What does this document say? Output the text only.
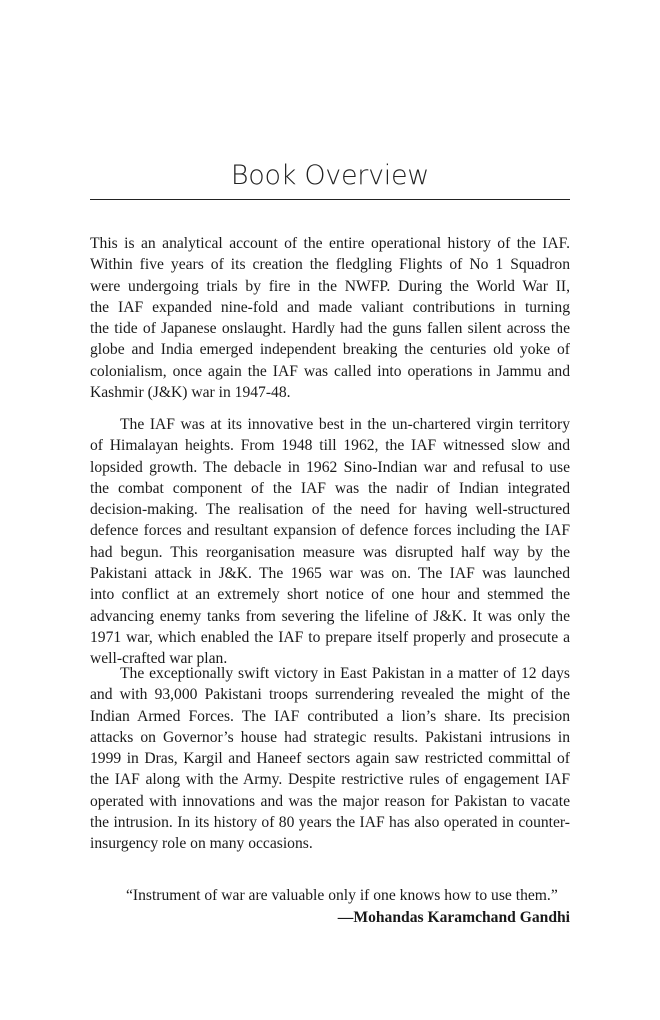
Book Overview
This is an analytical account of the entire operational history of the IAF.
Within five years of its creation the fledgling Flights of No 1 Squadron
were undergoing trials by fire in the NWFP. During the World War II,
the IAF expanded nine-fold and made valiant contributions in turning
the tide of Japanese onslaught. Hardly had the guns fallen silent across the
globe and India emerged independent breaking the centuries old yoke of
colonialism, once again the IAF was called into operations in Jammu and
Kashmir (J&K) war in 1947-48.
The IAF was at its innovative best in the un-chartered virgin territory
of Himalayan heights. From 1948 till 1962, the IAF witnessed slow and
lopsided growth. The debacle in 1962 Sino-Indian war and refusal to use
the combat component of the IAF was the nadir of Indian integrated
decision-making. The realisation of the need for having well-structured
defence forces and resultant expansion of defence forces including the IAF
had begun. This reorganisation measure was disrupted half way by the
Pakistani attack in J&K. The 1965 war was on. The IAF was launched
into conflict at an extremely short notice of one hour and stemmed the
advancing enemy tanks from severing the lifeline of J&K. It was only the
1971 war, which enabled the IAF to prepare itself properly and prosecute a
well-crafted war plan.
The exceptionally swift victory in East Pakistan in a matter of 12 days
and with 93,000 Pakistani troops surrendering revealed the might of the
Indian Armed Forces. The IAF contributed a lion’s share. Its precision
attacks on Governor’s house had strategic results. Pakistani intrusions in
1999 in Dras, Kargil and Haneef sectors again saw restricted committal of
the IAF along with the Army. Despite restrictive rules of engagement IAF
operated with innovations and was the major reason for Pakistan to vacate
the intrusion. In its history of 80 years the IAF has also operated in counter-
insurgency role on many occasions.
“Instrument of war are valuable only if one knows how to use them.”
—Mohandas Karamchand Gandhi
